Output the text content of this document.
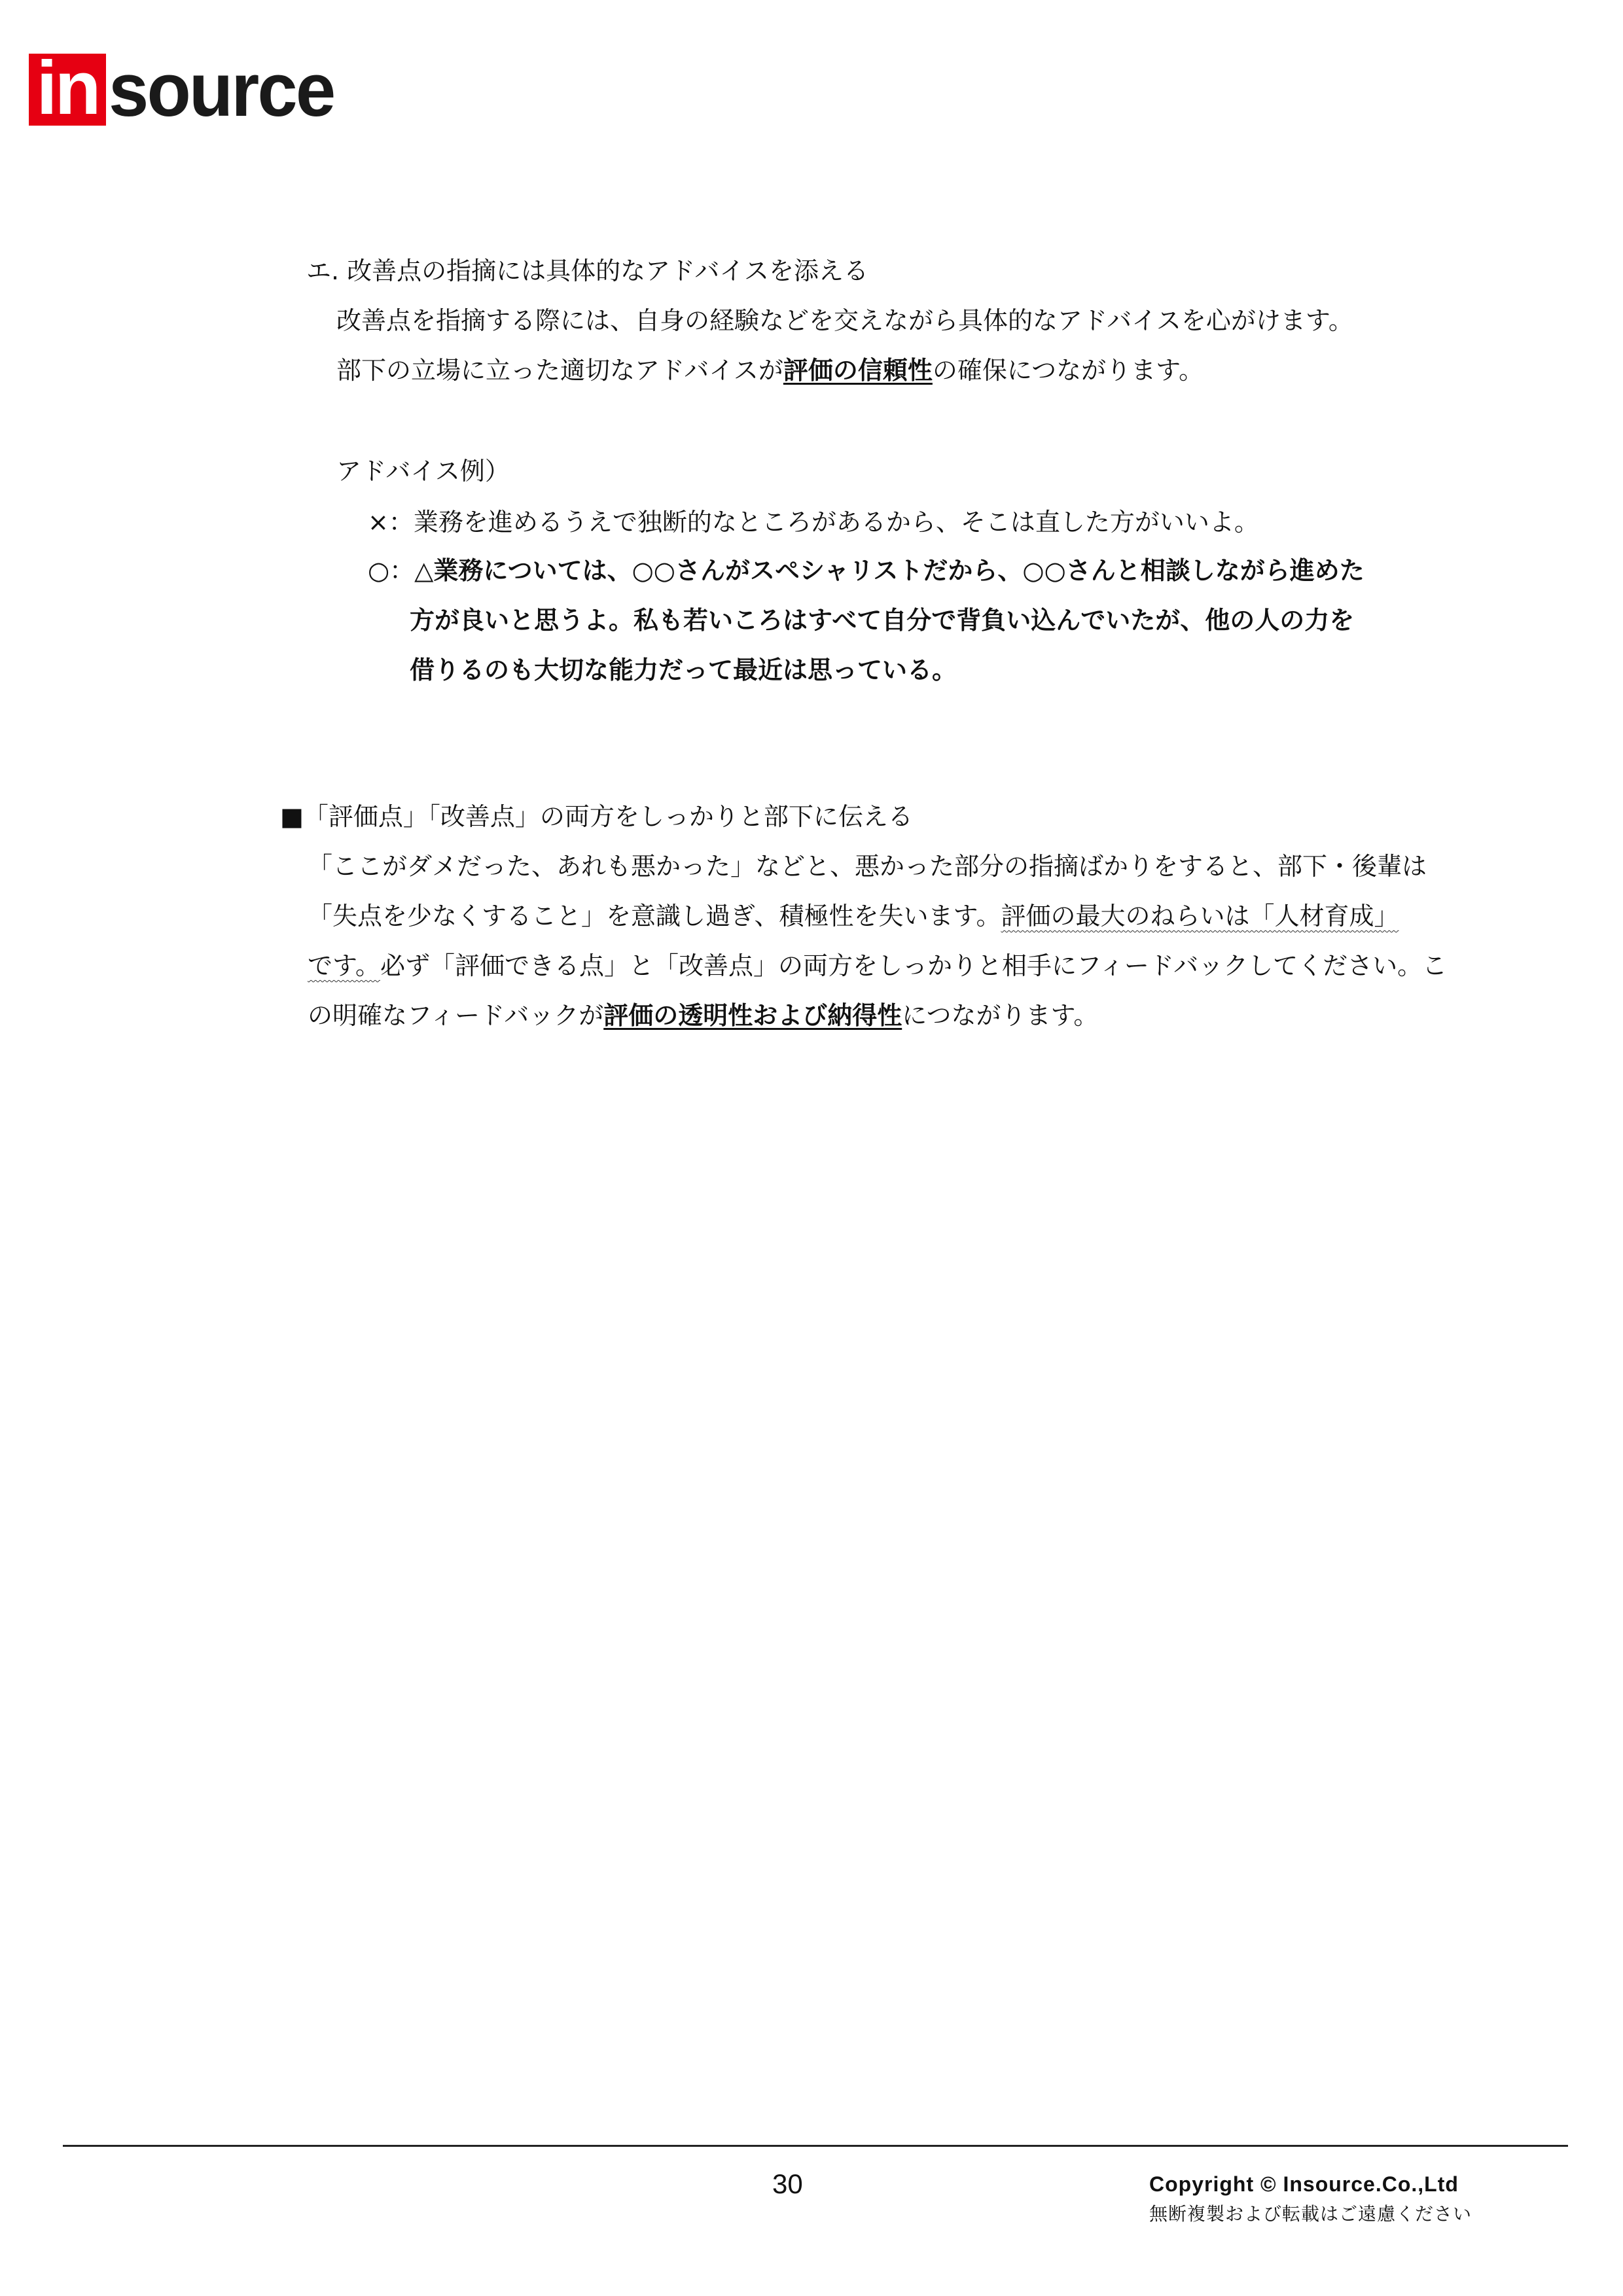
in source
エ. 改善点の指摘には具体的なアドバイスを添える
改善点を指摘する際には、自身の経験などを交えながら具体的なアドバイスを心がけます。
部下の立場に立った適切なアドバイスが評価の信頼性の確保につながります。
アドバイス例）
×：業務を進めるうえで独断的なところがあるから、そこは直した方がいいよ。
○：△業務については、○○さんがスペシャリストだから、○○さんと相談しながら進めた
方が良いと思うよ。私も若いころはすべて自分で背負い込んでいたが、他の人の力を
借りるのも大切な能力だって最近は思っている。
■「評価点」「改善点」の両方をしっかりと部下に伝える
「ここがダメだった、あれも悪かった」などと、悪かった部分の指摘ばかりをすると、部下・後輩は
「失点を少なくすること」を意識し過ぎ、積極性を失います。評価の最大のねらいは「人材育成」
です。必ず「評価できる点」と「改善点」の両方をしっかりと相手にフィードバックしてください。こ
の明確なフィードバックが評価の透明性および納得性につながります。
30	Copyright © Insource.Co.,Ltd
無断複製および転載はご遠慮ください
